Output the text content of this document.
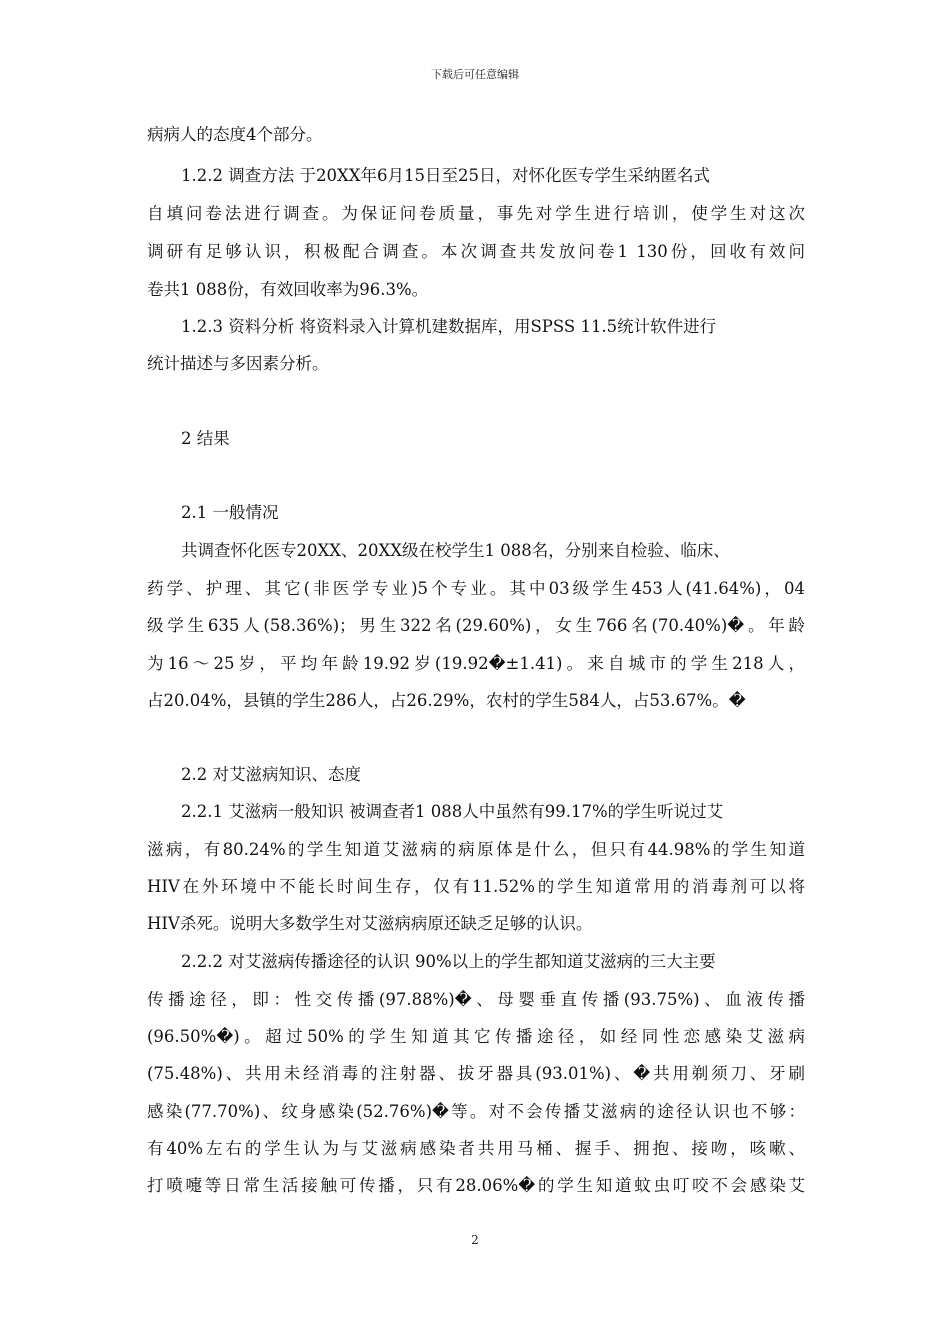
下载后可任意编辑
病病人的态度4个部分。
1.2.2 调查方法 于20XX年6月15日至25日，对怀化医专学生采纳匿名式
自填问卷法进行调查。为保证问卷质量，事先对学生进行培训，使学生对这次
调研有足够认识，积极配合调查。本次调查共发放问卷1 130份，回收有效问
卷共1 088份，有效回收率为96.3%。
1.2.3 资料分析 将资料录入计算机建数据库，用SPSS 11.5统计软件进行
统计描述与多因素分析。
2 结果
2.1 一般情况
共调查怀化医专20XX、20XX级在校学生1 088名，分别来自检验、临床、
药学、护理、其它(非医学专业)5个专业。其中03级学生453人(41.64%)，04
级学生635人(58.36%)；男生322名(29.60%)，女生766名(70.40%)�。年龄
为16～25岁，平均年龄19.92岁(19.92�±1.41)。来自城市的学生218人，
占20.04%，县镇的学生286人，占26.29%，农村的学生584人，占53.67%。�
2.2 对艾滋病知识、态度
2.2.1 艾滋病一般知识 被调查者1 088人中虽然有99.17%的学生听说过艾
滋病，有80.24%的学生知道艾滋病的病原体是什么，但只有44.98%的学生知道
HIV在外环境中不能长时间生存，仅有11.52%的学生知道常用的消毒剂可以将
HIV杀死。说明大多数学生对艾滋病病原还缺乏足够的认识。
2.2.2 对艾滋病传播途径的认识 90%以上的学生都知道艾滋病的三大主要
传播途径，即：性交传播(97.88%)�、母婴垂直传播(93.75%)、血液传播
(96.50%�)。超过50%的学生知道其它传播途径，如经同性恋感染艾滋病
(75.48%)、共用未经消毒的注射器、拔牙器具(93.01%)、�共用剃须刀、牙刷
感染(77.70%)、纹身感染(52.76%)�等。对不会传播艾滋病的途径认识也不够：
有40%左右的学生认为与艾滋病感染者共用马桶、握手、拥抱、接吻，咳嗽、
打喷嚏等日常生活接触可传播，只有28.06%�的学生知道蚊虫叮咬不会感染艾
2
